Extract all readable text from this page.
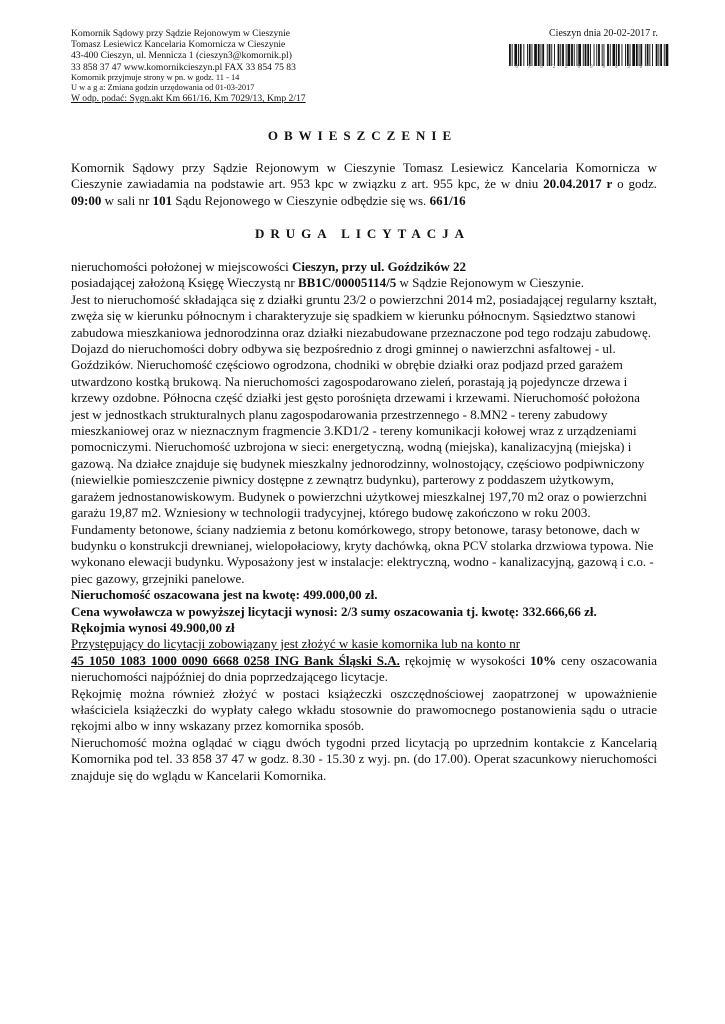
Komornik Sądowy przy Sądzie Rejonowym w Cieszynie
Tomasz Lesiewicz Kancelaria Komornicza w Cieszynie
43-400 Cieszyn, ul. Mennicza 1 (cieszyn3@komornik.pl)
33 858 37 47 www.komornikcieszyn.pl FAX 33 854 75 83
Komornik przyjmuje strony w pn. w godz. 11 - 14
U w a g a: Zmiana godzin urzędowania od 01-03-2017
W odp. podać: Sygn.akt Km 661/16, Km 7029/13, Kmp 2/17
Cieszyn dnia 20-02-2017 r.
*0 7 0 2 2 0 0 9 9 3 9*
OBWIESZCZENIE
Komornik Sądowy przy Sądzie Rejonowym w Cieszynie Tomasz Lesiewicz Kancelaria Komornicza w Cieszynie zawiadamia na podstawie art. 953 kpc w związku z art. 955 kpc, że w dniu 20.04.2017 r o godz. 09:00 w sali nr 101 Sądu Rejonowego w Cieszynie odbędzie się ws. 661/16
DRUGA LICYTACJA

nieruchomości położonej w miejscowości Cieszyn, przy ul. Goździków 22

posiadającej założoną Księgę Wieczystą nr BB1C/00005114/5 w Sądzie Rejonowym w Cieszynie.

Jest to nieruchomość składająca się z działki gruntu 23/2 o powierzchni 2014 m2, posiadającej regularny kształt, zwęża się w kierunku północnym i charakteryzuje się spadkiem w kierunku północnym. Sąsiedztwo stanowi zabudowa mieszkaniowa jednorodzinna oraz działki niezabudowane przeznaczone pod tego rodzaju zabudowę. Dojazd do nieruchomości dobry odbywa się bezpośrednio z drogi gminnej o nawierzchni asfaltowej - ul. Goździków. Nieruchomość częściowo ogrodzona, chodniki w obrębie działki oraz podjazd przed garażem utwardzono kostką brukową. Na nieruchomości zagospodarowano zieleń, porastają ją pojedyncze drzewa i krzewy ozdobne. Północna część działki jest gęsto porośnięta drzewami i krzewami. Nieruchomość położona jest w jednostkach strukturalnych planu zagospodarowania przestrzennego - 8.MN2 - tereny zabudowy mieszkaniowej oraz w nieznacznym fragmencie 3.KD1/2 - tereny komunikacji kołowej wraz z urządzeniami pomocniczymi. Nieruchomość uzbrojona w sieci: energetyczną, wodną (miejska), kanalizacyjną (miejska) i gazową. Na działce znajduje się budynek mieszkalny jednorodzinny, wolnostojący, częściowo podpiwniczony (niewielkie pomieszczenie piwnicy dostępne z zewnątrz budynku), parterowy z poddaszem użytkowym, garażem jednostanowiskowym. Budynek o powierzchni użytkowej mieszkalnej 197,70 m2 oraz o powierzchni garażu 19,87 m2. Wzniesiony w technologii tradycyjnej, którego budowę zakończono w roku 2003. Fundamenty betonowe, ściany nadziemia z betonu komórkowego, stropy betonowe, tarasy betonowe, dach w budynku o konstrukcji drewnianej, wielopołaciowy, kryty dachówką, okna PCV stolarka drzwiowa typowa. Nie wykonano elewacji budynku. Wyposażony jest w instalacje: elektryczną, wodno - kanalizacyjną, gazową i c.o. - piec gazowy, grzejniki panelowe.

Nieruchomość oszacowana jest na kwotę: 499.000,00 zł.

Cena wywoławcza w powyższej licytacji wynosi: 2/3 sumy oszacowania tj. kwotę: 332.666,66 zł.

Rękojmia wynosi 49.900,00 zł

Przystępujący do licytacji zobowiązany jest złożyć w kasie komornika lub na konto nr

45 1050 1083 1000 0090 6668 0258 ING Bank Śląski S.A. rękojmię w wysokości 10% ceny oszacowania nieruchomości najpóźniej do dnia poprzedzającego licytacje.

Rękojmię można również złożyć w postaci książeczki oszczędnościowej zaopatrzonej w upoważnienie właściciela książeczki do wypłaty całego wkładu stosownie do prawomocnego postanowienia sądu o utracie rękojmi albo w inny wskazany przez komornika sposób.

Nieruchomość można oglądać w ciągu dwóch tygodni przed licytacją po uprzednim kontakcie z Kancelarią Komornika pod tel. 33 858 37 47 w godz. 8.30 - 15.30 z wyj. pn. (do 17.00). Operat szacunkowy nieruchomości znajduje się do wglądu w Kancelarii Komornika.
